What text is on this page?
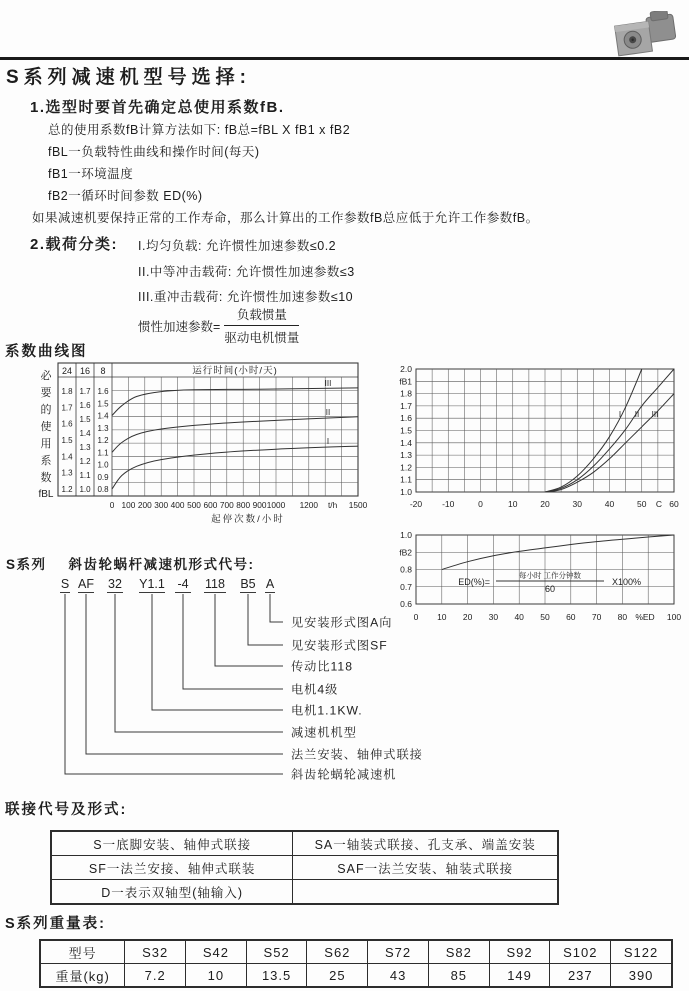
S系列减速机型号选择:
1.选型时要首先确定总使用系数fB.
总的使用系数fB计算方法如下: fB总=fBL X fB1 x fB2
fBL一负载特性曲线和操作时间(每天)
fB1一环境温度
fB2一循环时间参数 ED(%)
如果减速机要保持正常的工作寿命，那么计算出的工作参数fB总应低于允许工作参数fB。
2.载荷分类: I.均匀负载: 允许惯性加速参数≤0.2
II.中等冲击载荷: 允许惯性加速参数≤3
III.重冲击载荷: 允许惯性加速参数≤10
惯性加速参数= $\frac{\text{负载惯量}}{\text{驱动电机惯量}}$
系数曲线图
必
要
的
使
用
系
数
fBL
24 16 8
1.8
1.7
1.6
1.5
1.4
1.3
1.2
1.7
1.6
1.5
1.4
1.3
1.2
1.1
1.0
1.6
1.5
1.4
1.3
1.2
1.1
1.0
0.9
0.8
运行时间(小时/天)
0 100 200 300 400 500 600 700 800 900 1000 1200 t/h 1500
起停次数/小时
III
II
I
2.0
fB1
1.8
1.7
1.6
1.5
1.4
1.3
1.2
1.1
1.0
-20 -10	0	10	20	30	40	50 C 60
I II III
1.0
fB2
0.8
0.7
0.6
0 10 20 30 40 50 60 70 80 %ED 100
ED(%)=
每小时 工作分钟数
60
X100%
S系列 斜齿轮蜗杆减速机形式代号:
S AF 32 Y1.1 -4 118 B5 A
见安装形式图A向
见安装形式图SF
传动比118
电机4级
电机1.1KW.
减速机机型
法兰安装、轴伸式联接
斜齿轮蜗轮减速机
联接代号及形式:
S一底脚安装、轴伸式联接	SA一轴装式联接、孔支承、端盖安装
SF一法兰安接、轴伸式联装	SAF一法兰安装、轴装式联接
D一表示双轴型(轴输入)	
S系列重量表:
型号	S32	S42	S52	S62	S72	S82	S92	S102	S122
重量(kg)	7.2	10	13.5	25	43	85	149	237	390
